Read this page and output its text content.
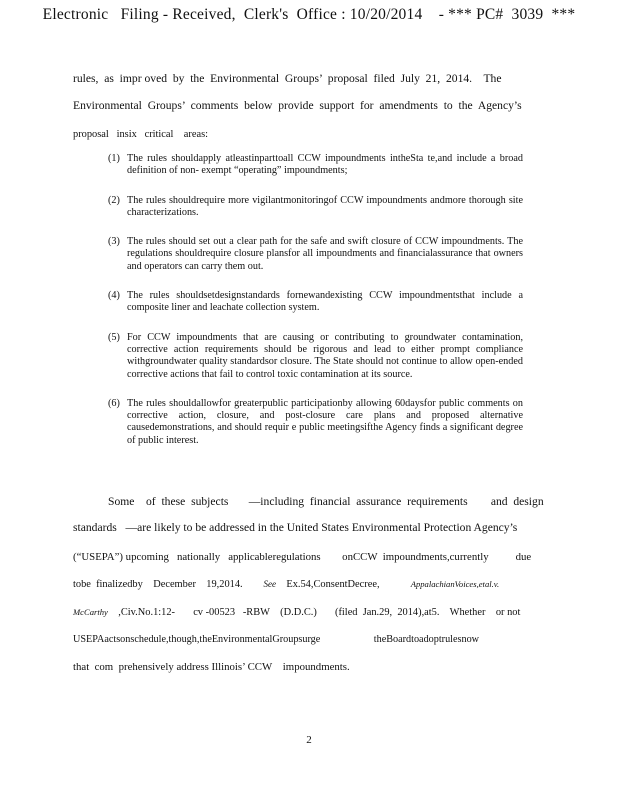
Electronic   Filing - Received,  Clerk's  Office : 10/20/2014    - *** PC#  3039  ***
rules,  as  impr oved  by  the  Environmental  Groups’  proposal  filed  July  21,  2014.    The
Environmental  Groups’  comments  below  provide  support  for  amendments  to  the  Agency’s
proposal   insix   critical    areas:
(1) The rules shouldapply atleastinparttoall CCW impoundments intheSta te,and include a broad definition of non- exempt “operating” impoundments;
(2) The rules shouldrequire more vigilantmonitoringof CCW impoundments andmore thorough site characterizations.
(3) The rules should set out a clear path for the safe and swift closure of CCW impoundments. The regulations shouldrequire closure plansfor all impoundments and financialassurance that owners and operators can carry them out.
(4) The rules shouldsetdesignstandards fornewandexisting CCW impoundmentsthat include a composite liner and leachate collection system.
(5) For CCW impoundments that are causing or contributing to groundwater contamination, corrective action requirements should be rigorous and lead to either prompt compliance withgroundwater quality standardsor closure. The State should not continue to allow open-ended corrective actions that fail to control toxic contamination at its source.
(6) The rules shouldallowfor greaterpublic participationby allowing 60daysfor public comments on corrective action, closure, and post-closure care plans and proposed alternative causedemonstrations, and should requir e public meetingsifthe Agency finds a significant degree of public interest.
Some    of  these  subjects       —including  financial  assurance  requirements        and  design
standards   —are likely to be addressed in the United States Environmental Protection Agency’s
(“USEPA”) upcoming   nationally   applicableregulations        onCCW  impoundments,currently          due
tobe  finalizedby    December    19,2014.        See    Ex.54,ConsentDecree,            AppalachianVoices,etal.v.
McCarthy    ,Civ.No.1:12-       cv -00523   -RBW    (D.D.C.)       (filed  Jan.29,  2014),at5.    Whether    or not
USEPAactsonschedule,though,theEnvironmentalGroupsurge                     theBoardtoadoptrulesnow
that  com  prehensively address Illinois’ CCW    impoundments.
2
